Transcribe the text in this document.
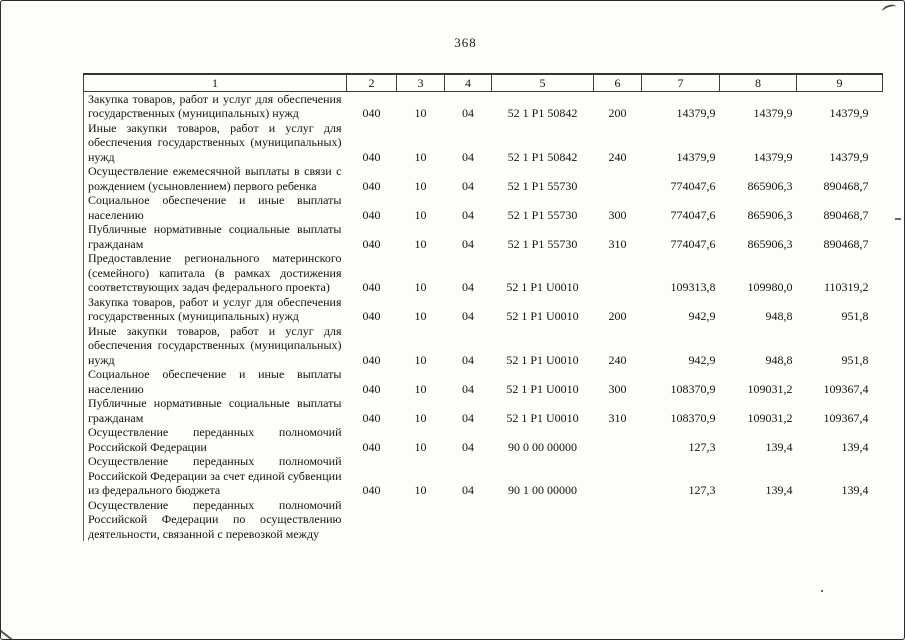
368
1	2	3	4	5	6	7	8	9
Закупка товаров, работ и услуг для обеспечения государственных (муниципальных) нужд	040	10	04	52 1 P1 50842	200	14379,9	14379,9	14379,9
Иные закупки товаров, работ и услуг для обеспечения государственных (муниципальных) нужд	040	10	04	52 1 P1 50842	240	14379,9	14379,9	14379,9
Осуществление ежемесячной выплаты в связи с рождением (усыновлением) первого ребенка	040	10	04	52 1 P1 55730		774047,6	865906,3	890468,7
Социальное обеспечение и иные выплаты населению	040	10	04	52 1 P1 55730	300	774047,6	865906,3	890468,7
Публичные нормативные социальные выплаты гражданам	040	10	04	52 1 P1 55730	310	774047,6	865906,3	890468,7
Предоставление регионального материнского (семейного) капитала (в рамках достижения соответствующих задач федерального проекта)	040	10	04	52 1 P1 U0010		109313,8	109980,0	110319,2
Закупка товаров, работ и услуг для обеспечения государственных (муниципальных) нужд	040	10	04	52 1 P1 U0010	200	942,9	948,8	951,8
Иные закупки товаров, работ и услуг для обеспечения государственных (муниципальных) нужд	040	10	04	52 1 P1 U0010	240	942,9	948,8	951,8
Социальное обеспечение и иные выплаты населению	040	10	04	52 1 P1 U0010	300	108370,9	109031,2	109367,4
Публичные нормативные социальные выплаты гражданам	040	10	04	52 1 P1 U0010	310	108370,9	109031,2	109367,4
Осуществление переданных полномочий Российской Федерации	040	10	04	90 0 00 00000		127,3	139,4	139,4
Осуществление переданных полномочий Российской Федерации за счет единой субвенции из федерального бюджета	040	10	04	90 1 00 00000		127,3	139,4	139,4
Осуществление переданных полномочий Российской Федерации по осуществлению деятельности, связанной с перевозкой между								
